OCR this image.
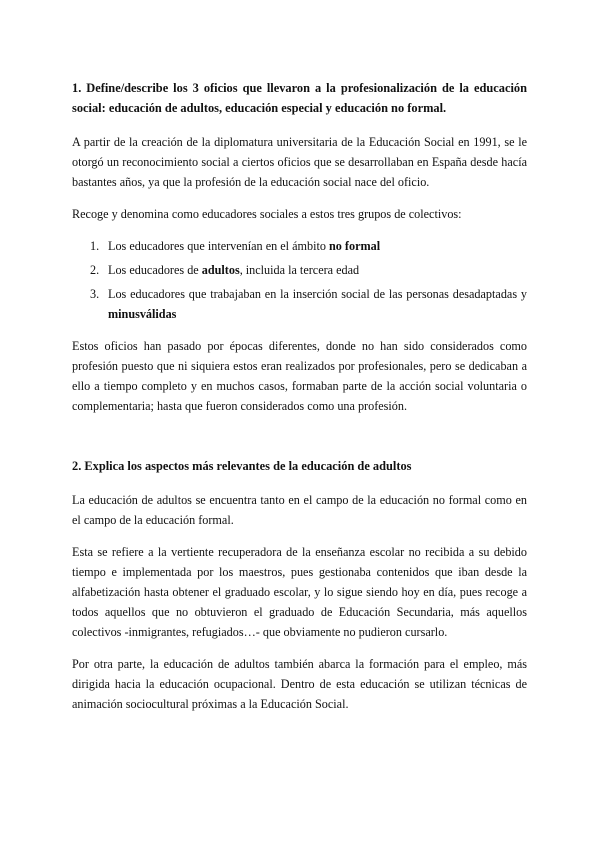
1. Define/describe los 3 oficios que llevaron a la profesionalización de la educación social: educación de adultos, educación especial y educación no formal.

A partir de la creación de la diplomatura universitaria de la Educación Social en 1991, se le otorgó un reconocimiento social a ciertos oficios que se desarrollaban en España desde hacía bastantes años, ya que la profesión de la educación social nace del oficio.

Recoge y denomina como educadores sociales a estos tres grupos de colectivos:

1. Los educadores que intervenían en el ámbito no formal
2. Los educadores de adultos, incluida la tercera edad
3. Los educadores que trabajaban en la inserción social de las personas desadaptadas y minusválidas

Estos oficios han pasado por épocas diferentes, donde no han sido considerados como profesión puesto que ni siquiera estos eran realizados por profesionales, pero se dedicaban a ello a tiempo completo y en muchos casos, formaban parte de la acción social voluntaria o complementaria; hasta que fueron considerados como una profesión.

2. Explica los aspectos más relevantes de la educación de adultos

La educación de adultos se encuentra tanto en el campo de la educación no formal como en el campo de la educación formal.

Esta se refiere a la vertiente recuperadora de la enseñanza escolar no recibida a su debido tiempo e implementada por los maestros, pues gestionaba contenidos que iban desde la alfabetización hasta obtener el graduado escolar, y lo sigue siendo hoy en día, pues recoge a todos aquellos que no obtuvieron el graduado de Educación Secundaria, más aquellos colectivos -inmigrantes, refugiados…- que obviamente no pudieron cursarlo.

Por otra parte, la educación de adultos también abarca la formación para el empleo, más dirigida hacia la educación ocupacional. Dentro de esta educación se utilizan técnicas de animación sociocultural próximas a la Educación Social.
